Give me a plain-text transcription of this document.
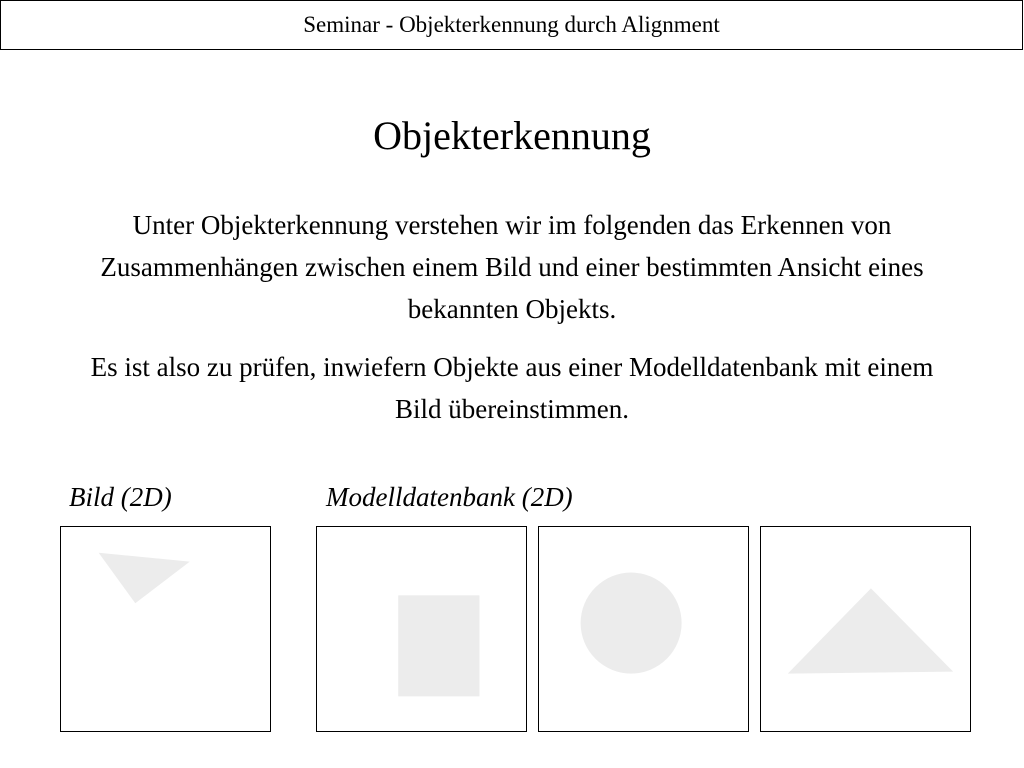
Seminar - Objekterkennung durch Alignment
Objekterkennung
Unter Objekterkennung verstehen wir im folgenden das Erkennen von Zusammenhängen zwischen einem Bild und einer bestimmten Ansicht eines bekannten Objekts.
Es ist also zu prüfen, inwiefern Objekte aus einer Modelldatenbank mit einem Bild übereinstimmen.
Bild (2D)	Modelldatenbank (2D)
